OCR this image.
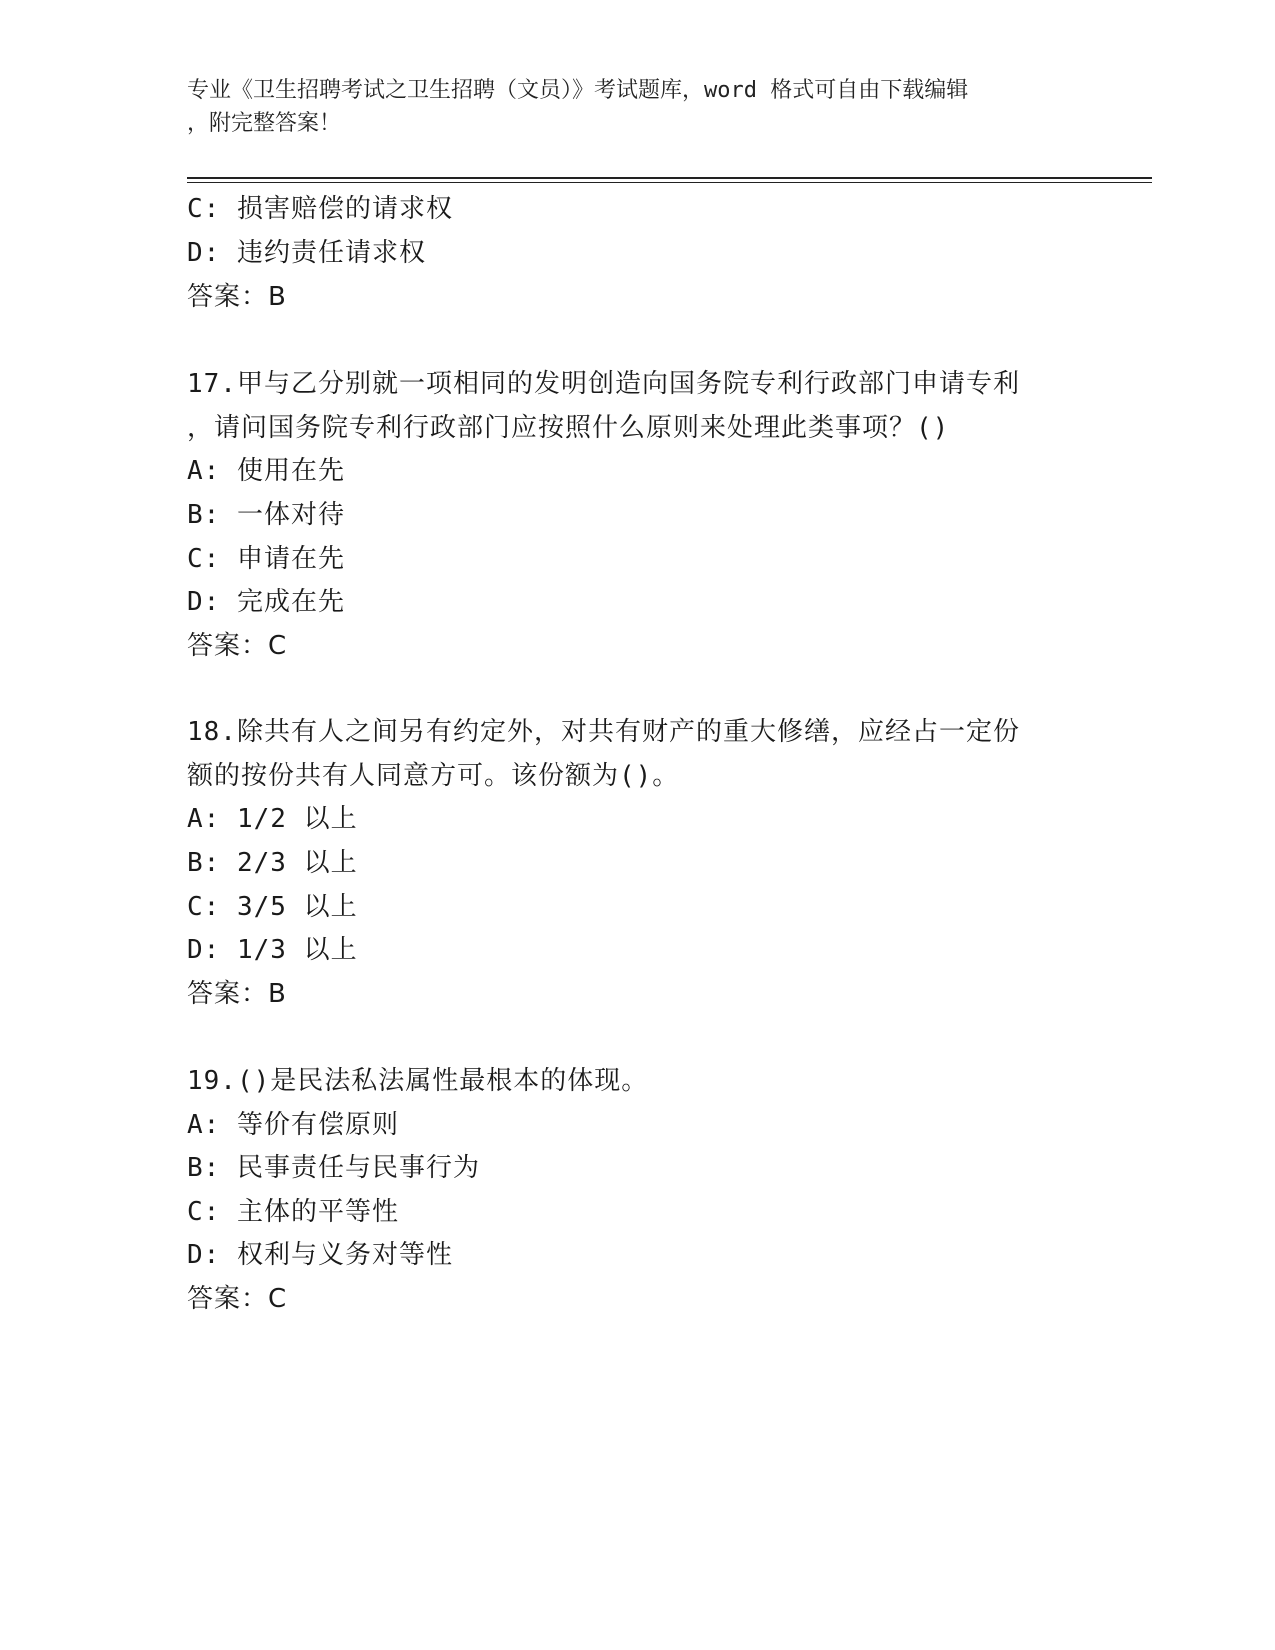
专业《卫生招聘考试之卫生招聘（文员）》考试题库，word 格式可自由下载编辑
，附完整答案！
C: 损害赔偿的请求权
D: 违约责任请求权
答案：B
17.甲与乙分别就一项相同的发明创造向国务院专利行政部门申请专利
，请问国务院专利行政部门应按照什么原则来处理此类事项？()
A: 使用在先
B: 一体对待
C: 申请在先
D: 完成在先
答案：C
18.除共有人之间另有约定外，对共有财产的重大修缮，应经占一定份
额的按份共有人同意方可。该份额为()。
A: 1/2 以上
B: 2/3 以上
C: 3/5 以上
D: 1/3 以上
答案：B
19.()是民法私法属性最根本的体现。
A: 等价有偿原则
B: 民事责任与民事行为
C: 主体的平等性
D: 权利与义务对等性
答案：C
